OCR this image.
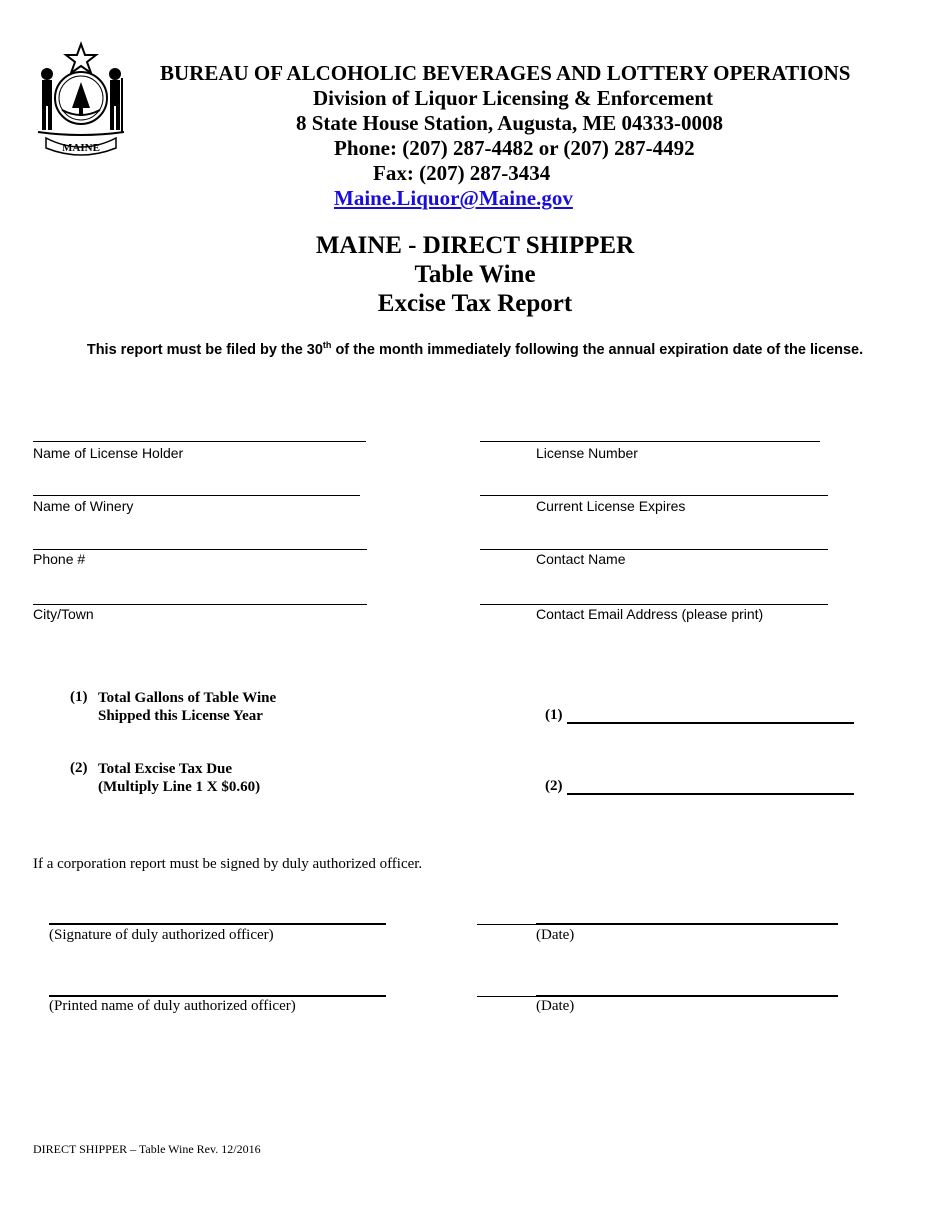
MAINE
BUREAU OF ALCOHOLIC BEVERAGES AND LOTTERY OPERATIONS
Division of Liquor Licensing & Enforcement
8 State House Station, Augusta, ME 04333-0008
Phone: (207) 287-4482 or (207) 287-4492
Fax: (207) 287-3434
Maine.Liquor@Maine.gov
MAINE - DIRECT SHIPPER
Table Wine
Excise Tax Report
This report must be filed by the 30th of the month immediately following the annual expiration date of the license.
Name of License Holder	License Number
Name of Winery	Current License Expires
Phone #	Contact Name
City/Town	Contact Email Address (please print)
(1) Total Gallons of Table Wine
Shipped this License Year	(1)
(2) Total Excise Tax Due
(Multiply Line 1 X $0.60)	(2)
If a corporation report must be signed by duly authorized officer.
(Signature of duly authorized officer)	(Date)
(Printed name of duly authorized officer)	(Date)
DIRECT SHIPPER – Table Wine Rev. 12/2016
